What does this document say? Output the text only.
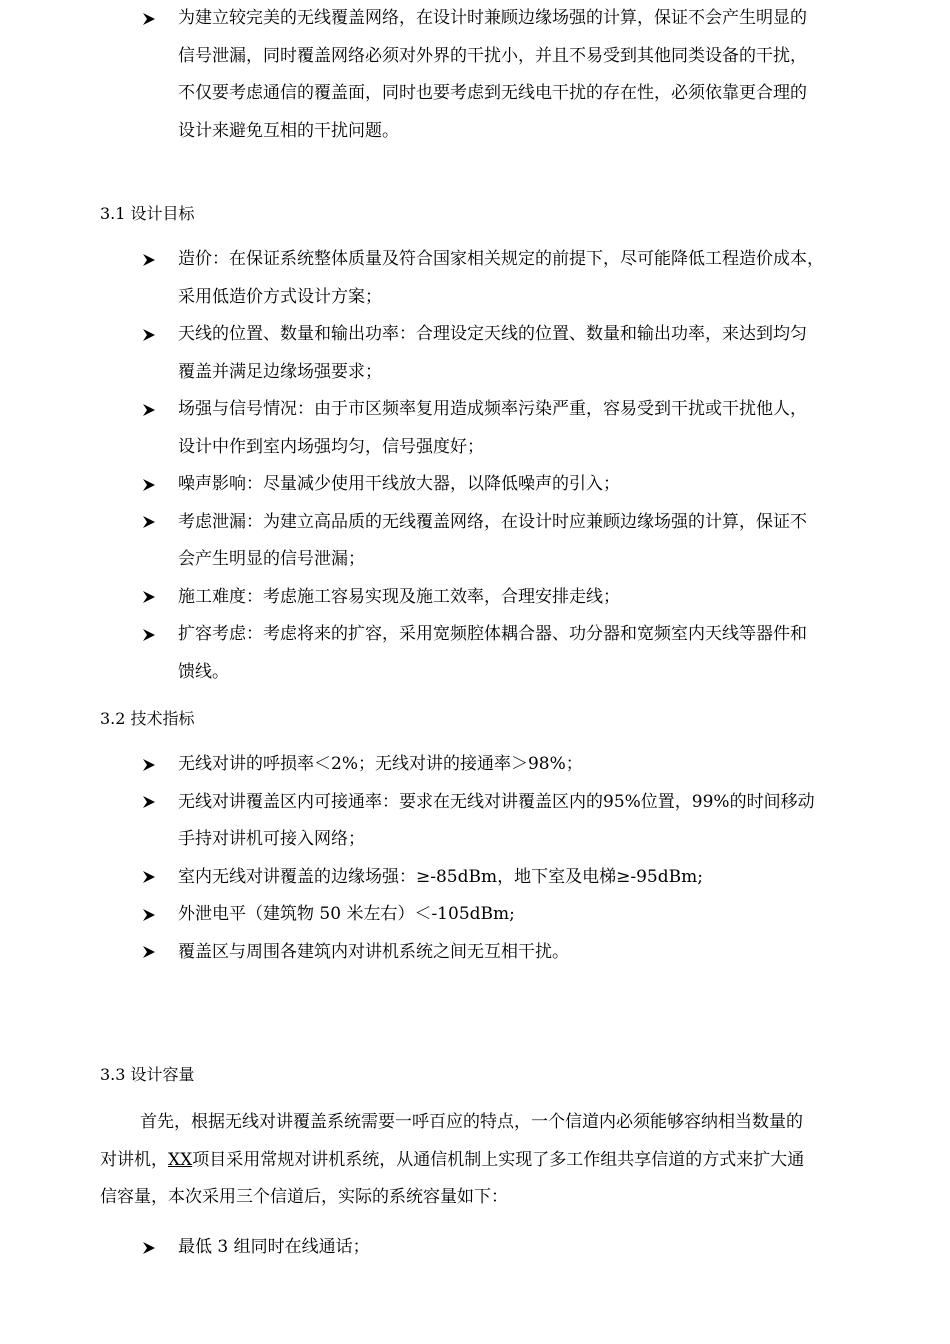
为建立较完美的无线覆盖网络，在设计时兼顾边缘场强的计算，保证不会产生明显的
信号泄漏，同时覆盖网络必须对外界的干扰小，并且不易受到其他同类设备的干扰，
不仅要考虑通信的覆盖面，同时也要考虑到无线电干扰的存在性，必须依靠更合理的
设计来避免互相的干扰问题。
3.1 设计目标
造价：在保证系统整体质量及符合国家相关规定的前提下，尽可能降低工程造价成本，
采用低造价方式设计方案；
天线的位置、数量和输出功率：合理设定天线的位置、数量和输出功率，来达到均匀
覆盖并满足边缘场强要求；
场强与信号情况：由于市区频率复用造成频率污染严重，容易受到干扰或干扰他人，
设计中作到室内场强均匀，信号强度好；
噪声影响：尽量减少使用干线放大器，以降低噪声的引入；
考虑泄漏：为建立高品质的无线覆盖网络，在设计时应兼顾边缘场强的计算，保证不
会产生明显的信号泄漏；
施工难度：考虑施工容易实现及施工效率，合理安排走线；
扩容考虑：考虑将来的扩容，采用宽频腔体耦合器、功分器和宽频室内天线等器件和
馈线。
3.2 技术指标
无线对讲的呼损率＜2%；无线对讲的接通率＞98%；
无线对讲覆盖区内可接通率：要求在无线对讲覆盖区内的95%位置，99%的时间移动
手持对讲机可接入网络；
室内无线对讲覆盖的边缘场强：≥-85dBm，地下室及电梯≥-95dBm;
外泄电平（建筑物 50 米左右）＜-105dBm;
覆盖区与周围各建筑内对讲机系统之间无互相干扰。
3.3 设计容量
首先，根据无线对讲覆盖系统需要一呼百应的特点，一个信道内必须能够容纳相当数量的
对讲机，XX项目采用常规对讲机系统，从通信机制上实现了多工作组共享信道的方式来扩大通
信容量，本次采用三个信道后，实际的系统容量如下：
最低 3 组同时在线通话；
